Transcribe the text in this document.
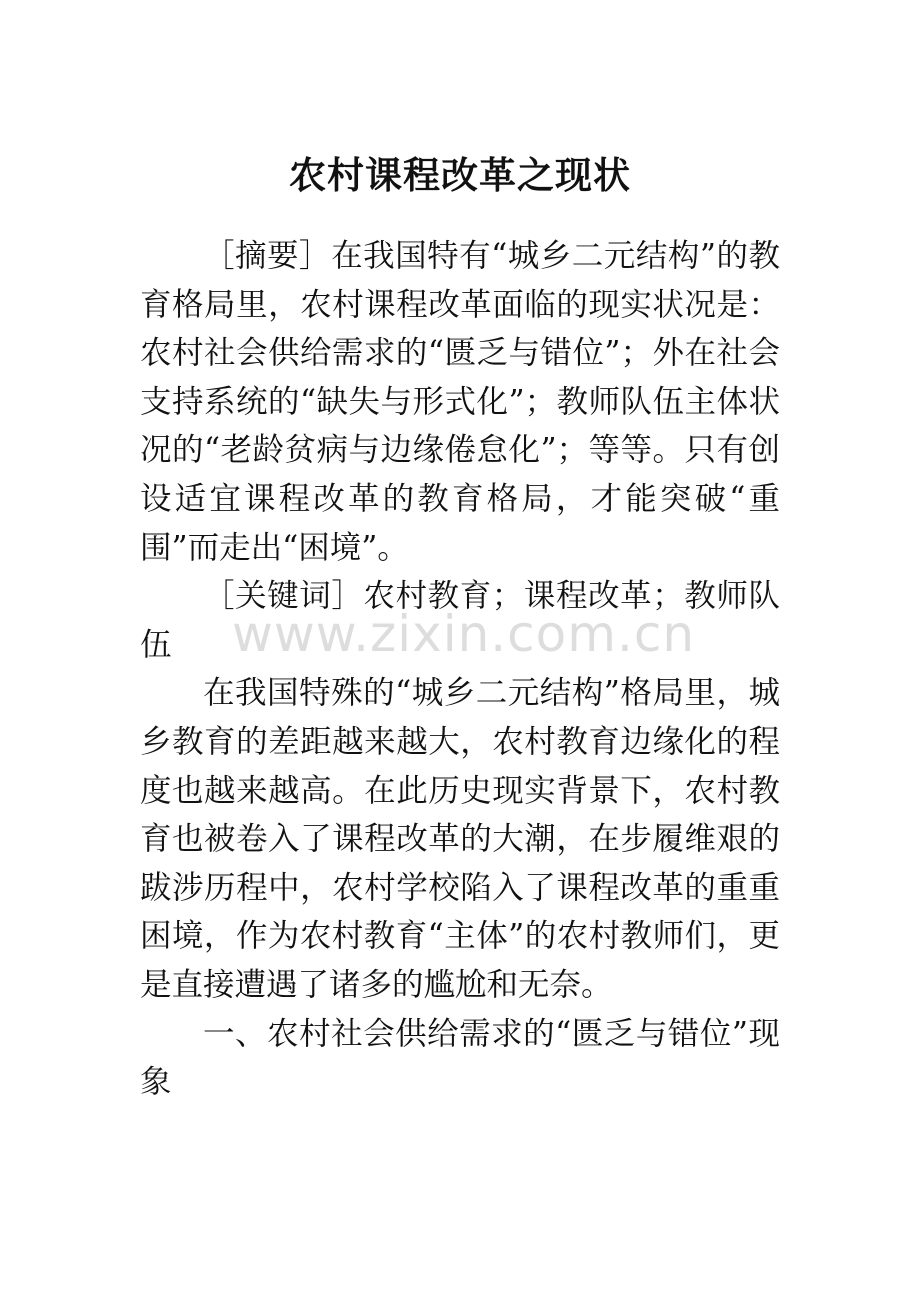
农村课程改革之现状

［摘要］在我国特有“城乡二元结构”的教育格局里，农村课程改革面临的现实状况是：农村社会供给需求的“匮乏与错位”；外在社会支持系统的“缺失与形式化”；教师队伍主体状况的“老龄贫病与边缘倦怠化”；等等。只有创设适宜课程改革的教育格局，才能突破“重围”而走出“困境”。

［关键词］农村教育；课程改革；教师队伍

在我国特殊的“城乡二元结构”格局里，城乡教育的差距越来越大，农村教育边缘化的程度也越来越高。在此历史现实背景下，农村教育也被卷入了课程改革的大潮，在步履维艰的跋涉历程中，农村学校陷入了课程改革的重重困境，作为农村教育“主体”的农村教师们，更是直接遭遇了诸多的尴尬和无奈。

一、农村社会供给需求的“匮乏与错位”现象

www.zixin.com.cn
